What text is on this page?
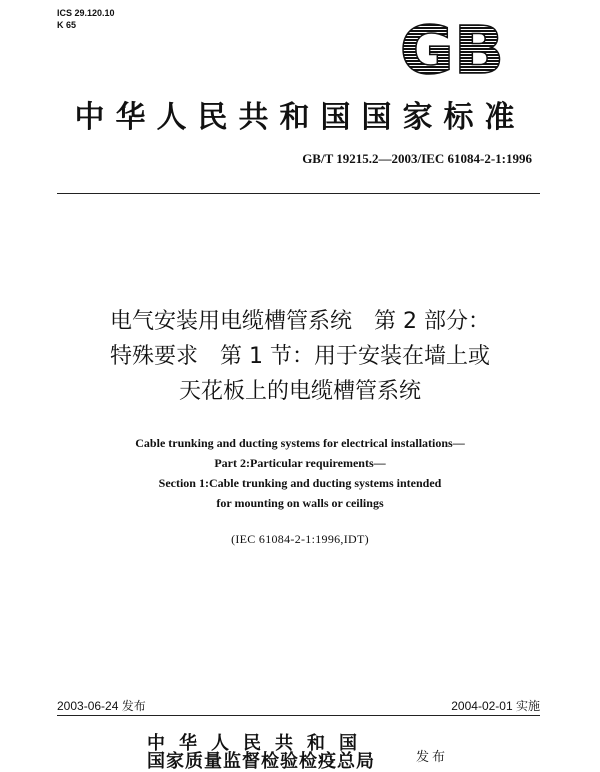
ICS 29.120.10
K 65	GB
中华人民共和国国家标准
GB/T 19215.2—2003/IEC 61084-2-1:1996
电气安装用电缆槽管系统　第 2 部分：
特殊要求　第 1 节：用于安装在墙上或
天花板上的电缆槽管系统
Cable trunking and ducting systems for electrical installations—
Part 2:Particular requirements—
Section 1:Cable trunking and ducting systems intended
for mounting on walls or ceilings
(IEC 61084-2-1:1996,IDT)
2003-06-24 发布	2004-02-01 实施
中华人民共和国
国家质量监督检验检疫总局	发布
